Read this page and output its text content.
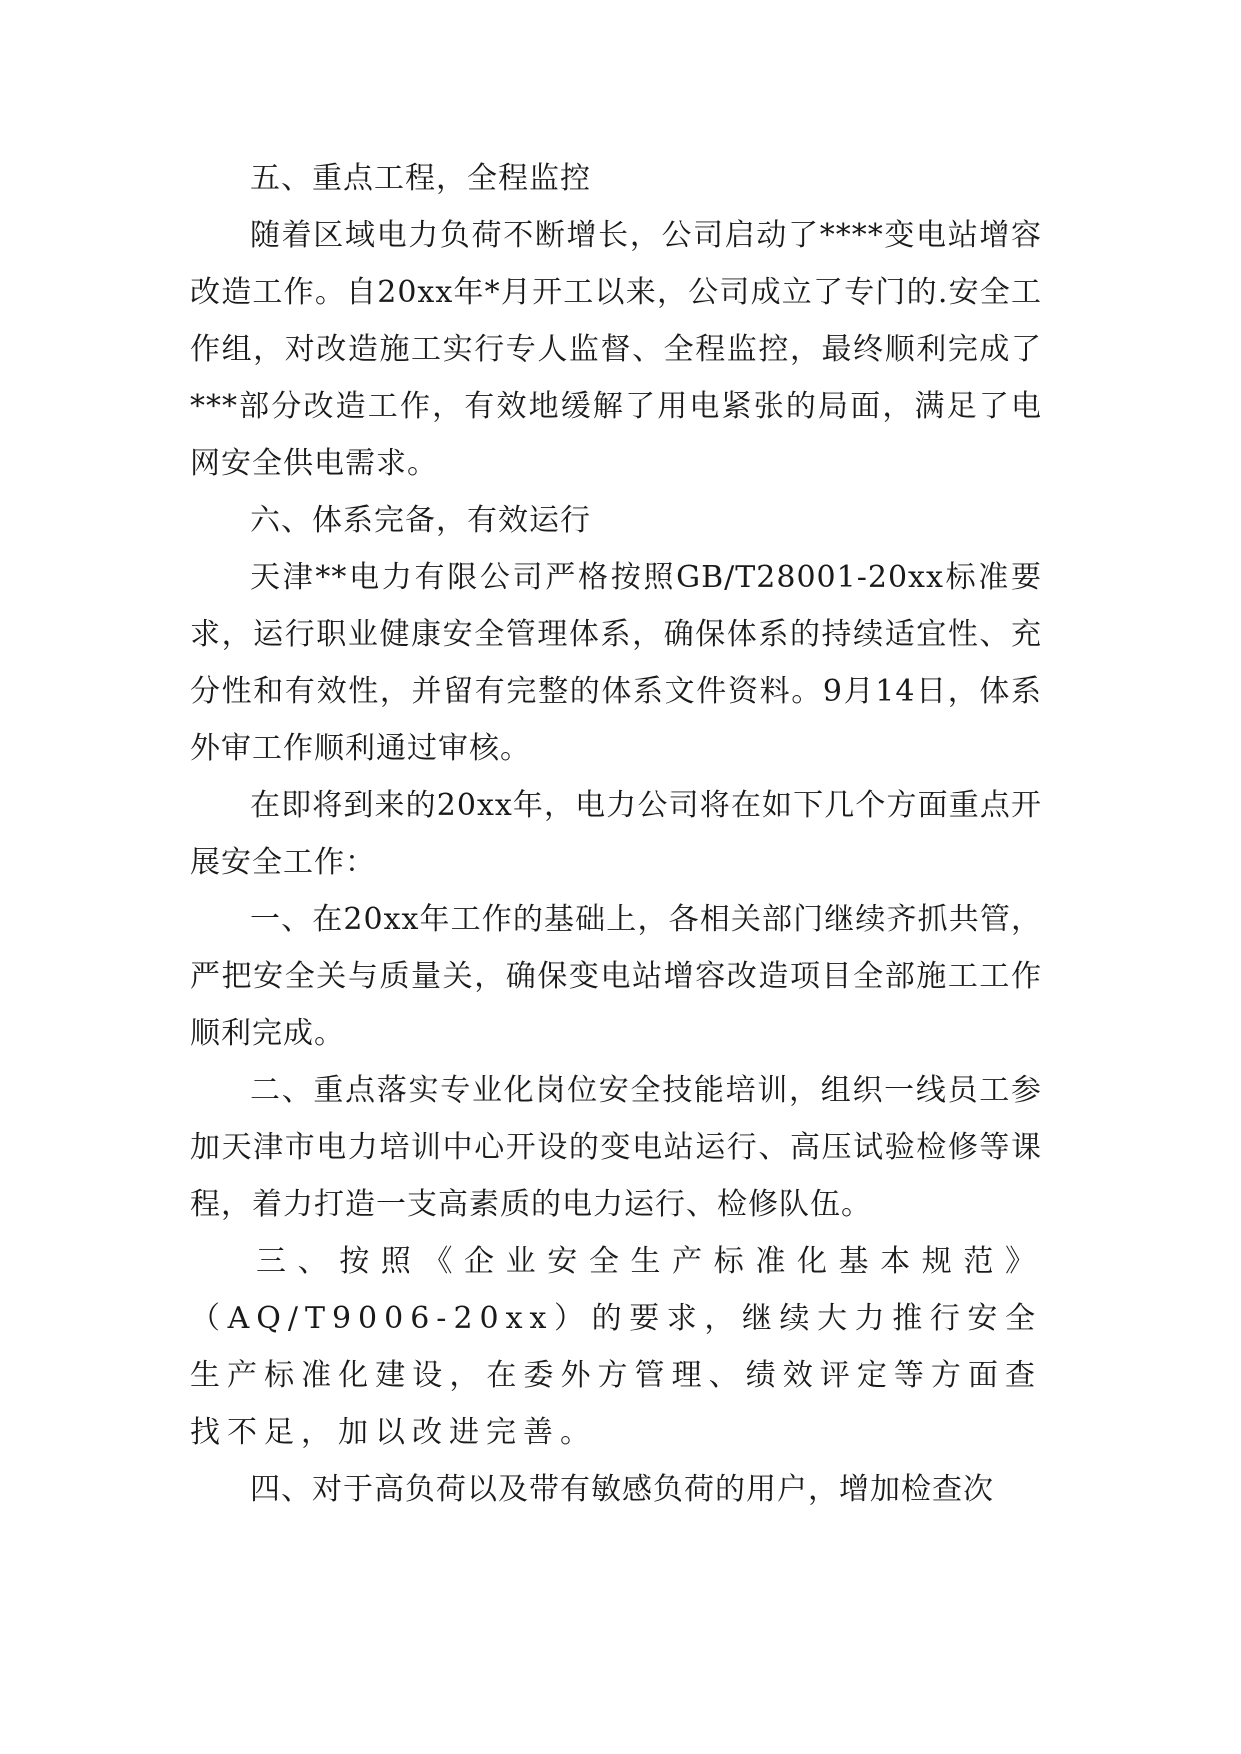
五、重点工程，全程监控

随着区域电力负荷不断增长，公司启动了****变电站增容改造工作。自20xx年*月开工以来，公司成立了专门的.安全工作组，对改造施工实行专人监督、全程监控，最终顺利完成了***部分改造工作，有效地缓解了用电紧张的局面，满足了电网安全供电需求。

六、体系完备，有效运行

天津**电力有限公司严格按照GB/T28001-20xx标准要求，运行职业健康安全管理体系，确保体系的持续适宜性、充分性和有效性，并留有完整的体系文件资料。9月14日，体系外审工作顺利通过审核。

在即将到来的20xx年，电力公司将在如下几个方面重点开展安全工作：

一、在20xx年工作的基础上，各相关部门继续齐抓共管，严把安全关与质量关，确保变电站增容改造项目全部施工工作顺利完成。

二、重点落实专业化岗位安全技能培训，组织一线员工参加天津市电力培训中心开设的变电站运行、高压试验检修等课程，着力打造一支高素质的电力运行、检修队伍。

三、按照《企业安全生产标准化基本规范》（AQ/T9006-20xx）的要求，继续大力推行安全生产标准化建设，在委外方管理、绩效评定等方面查找不足，加以改进完善。

四、对于高负荷以及带有敏感负荷的用户，增加检查次
